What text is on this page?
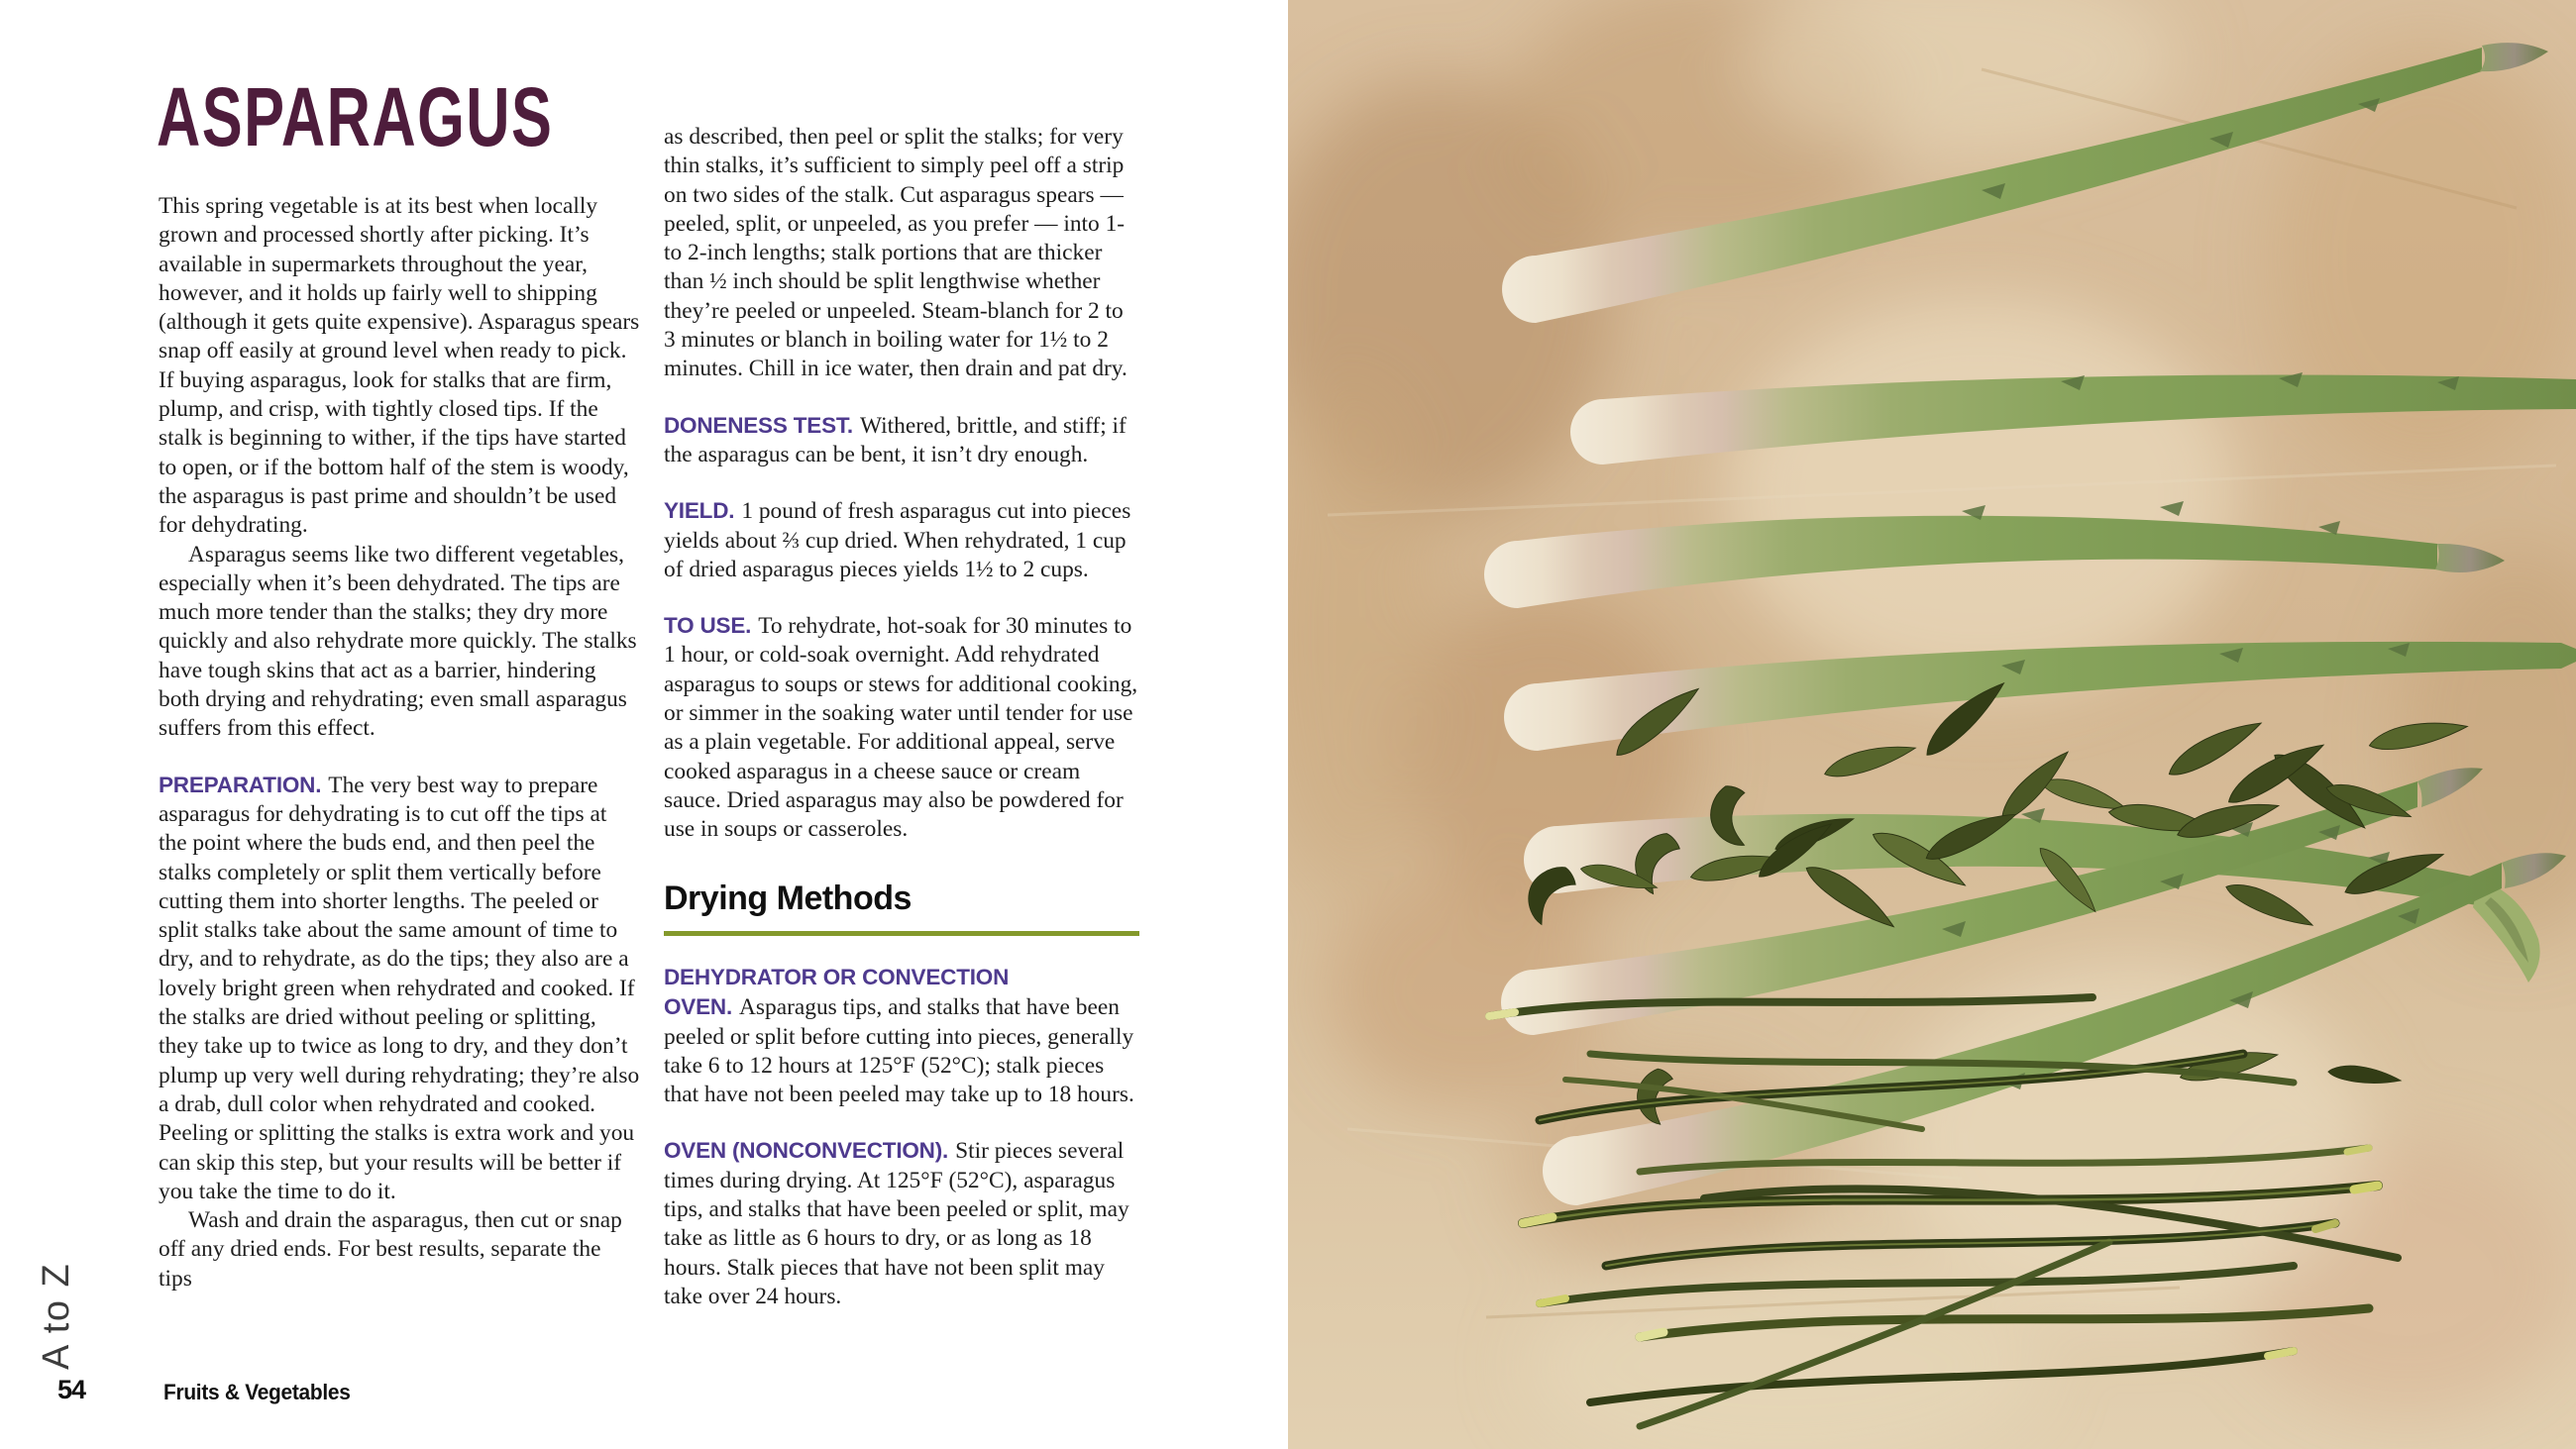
ASPARAGUS

This spring vegetable is at its best when locally grown and processed shortly after picking. It’s available in supermarkets throughout the year, however, and it holds up fairly well to shipping (although it gets quite expensive). Asparagus spears snap off easily at ground level when ready to pick. If buying asparagus, look for stalks that are firm, plump, and crisp, with tightly closed tips. If the stalk is beginning to wither, if the tips have started to open, or if the bottom half of the stem is woody, the asparagus is past prime and shouldn’t be used for dehydrating.

Asparagus seems like two different vegetables, especially when it’s been dehydrated. The tips are much more tender than the stalks; they dry more quickly and also rehydrate more quickly. The stalks have tough skins that act as a barrier, hindering both drying and rehydrating; even small asparagus suffers from this effect.

PREPARATION. The very best way to prepare asparagus for dehydrating is to cut off the tips at the point where the buds end, and then peel the stalks completely or split them vertically before cutting them into shorter lengths. The peeled or split stalks take about the same amount of time to dry, and to rehydrate, as do the tips; they also are a lovely bright green when rehydrated and cooked. If the stalks are dried without peeling or splitting, they take up to twice as long to dry, and they don’t plump up very well during rehydrating; they’re also a drab, dull color when rehydrated and cooked. Peeling or splitting the stalks is extra work and you can skip this step, but your results will be better if you take the time to do it.

Wash and drain the asparagus, then cut or snap off any dried ends. For best results, separate the tips

as described, then peel or split the stalks; for very thin stalks, it’s sufficient to simply peel off a strip on two sides of the stalk. Cut asparagus spears — peeled, split, or unpeeled, as you prefer — into 1- to 2-inch lengths; stalk portions that are thicker than ½ inch should be split lengthwise whether they’re peeled or unpeeled. Steam-blanch for 2 to 3 minutes or blanch in boiling water for 1½ to 2 minutes. Chill in ice water, then drain and pat dry.

DONENESS TEST. Withered, brittle, and stiff; if the asparagus can be bent, it isn’t dry enough.

YIELD. 1 pound of fresh asparagus cut into pieces yields about ⅔ cup dried. When rehydrated, 1 cup of dried asparagus pieces yields 1½ to 2 cups.

TO USE. To rehydrate, hot-soak for 30 minutes to 1 hour, or cold-soak overnight. Add rehydrated asparagus to soups or stews for additional cooking, or simmer in the soaking water until tender for use as a plain vegetable. For additional appeal, serve cooked asparagus in a cheese sauce or cream sauce. Dried asparagus may also be powdered for use in soups or casseroles.

Drying Methods

DEHYDRATOR OR CONVECTION OVEN. Asparagus tips, and stalks that have been peeled or split before cutting into pieces, generally take 6 to 12 hours at 125°F (52°C); stalk pieces that have not been peeled may take up to 18 hours.

OVEN (NONCONVECTION). Stir pieces several times during drying. At 125°F (52°C), asparagus tips, and stalks that have been peeled or split, may take as little as 6 hours to dry, or as long as 18 hours. Stalk pieces that have not been split may take over 24 hours.

A to Z
54	Fruits & Vegetables
